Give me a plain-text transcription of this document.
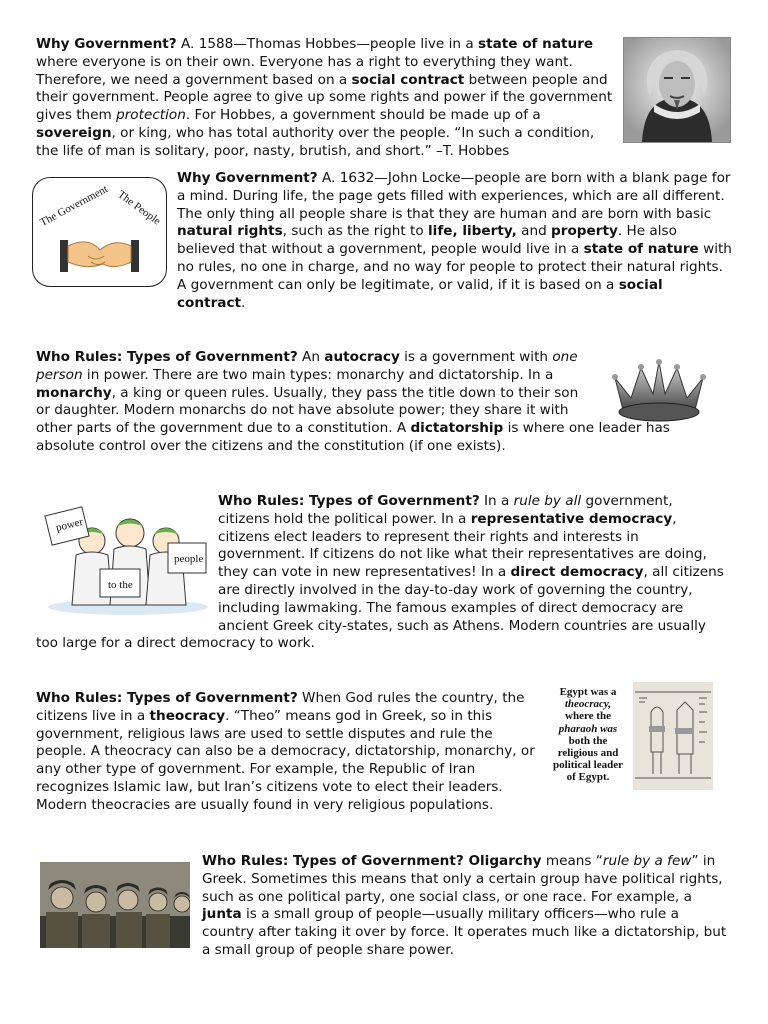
Why Government? A. 1588—Thomas Hobbes—people live in a state of nature where everyone is on their own. Everyone has a right to everything they want. Therefore, we need a government based on a social contract between people and their government. People agree to give up some rights and power if the government gives them protection. For Hobbes, a government should be made up of a sovereign, or king, who has total authority over the people. “In such a condition, the life of man is solitary, poor, nasty, brutish, and short.” –T. Hobbes

The Government The People

Why Government? A. 1632—John Locke—people are born with a blank page for a mind. During life, the page gets filled with experiences, which are all different. The only thing all people share is that they are human and are born with basic natural rights, such as the right to life, liberty, and property. He also believed that without a government, people would live in a state of nature with no rules, no one in charge, and no way for people to protect their natural rights. A government can only be legitimate, or valid, if it is based on a social contract.

Who Rules: Types of Government? An autocracy is a government with one person in power. There are two main types: monarchy and dictatorship. In a monarchy, a king or queen rules. Usually, they pass the title down to their son or daughter. Modern monarchs do not have absolute power; they share it with other parts of the government due to a constitution. A dictatorship is where one leader has absolute control over the citizens and the constitution (if one exists).

power
to the
people

Who Rules: Types of Government? In a rule by all government, citizens hold the political power. In a representative democracy, citizens elect leaders to represent their rights and interests in government. If citizens do not like what their representatives are doing, they can vote in new representatives! In a direct democracy, all citizens are directly involved in the day-to-day work of governing the country, including lawmaking. The famous examples of direct democracy are ancient Greek city-states, such as Athens. Modern countries are usually too large for a direct democracy to work.

Who Rules: Types of Government? When God rules the country, the citizens live in a theocracy. “Theo” means god in Greek, so in this government, religious laws are used to settle disputes and rule the people. A theocracy can also be a democracy, dictatorship, monarchy, or any other type of government. For example, the Republic of Iran recognizes Islamic law, but Iran’s citizens vote to elect their leaders. Modern theocracies are usually found in very religious populations.

Egypt was a
theocracy,
where the
pharaoh was
both the
religious and
political leader
of Egypt.

Who Rules: Types of Government? Oligarchy means “rule by a few” in Greek. Sometimes this means that only a certain group have political rights, such as one political party, one social class, or one race. For example, a junta is a small group of people—usually military officers—who rule a country after taking it over by force. It operates much like a dictatorship, but a small group of people share power.
